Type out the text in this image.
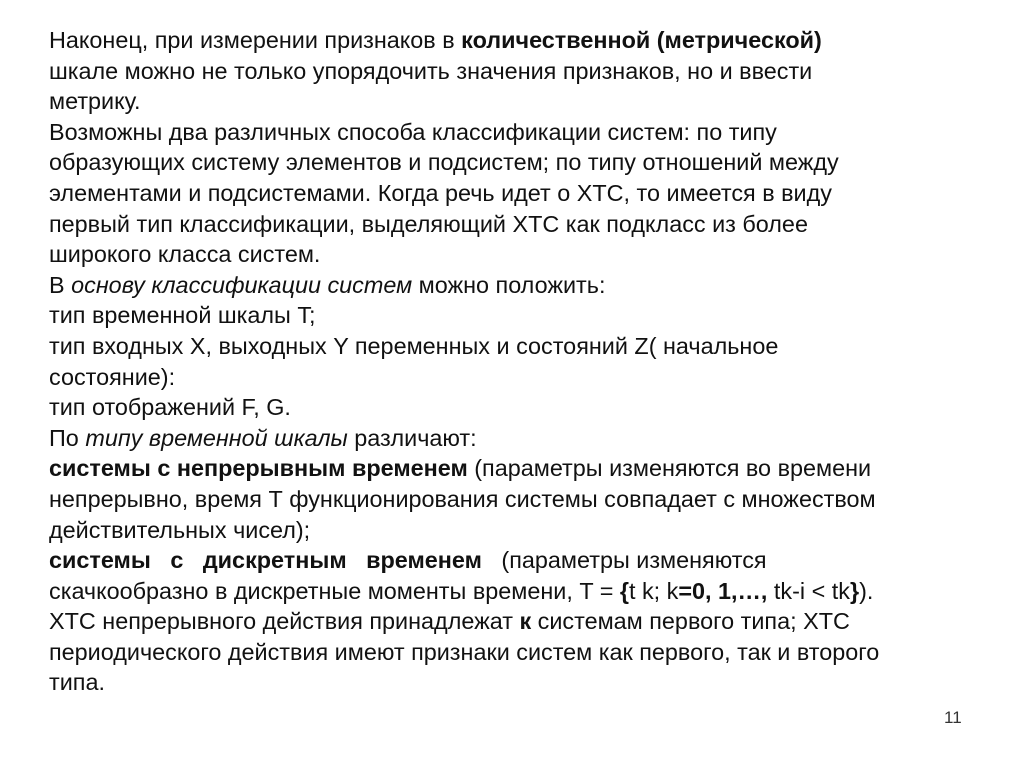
Наконец, при измерении признаков в количественной (метрической)
шкале можно не только упорядочить значения признаков, но и ввести
метрику.
Возможны два различных способа классификации систем: по типу
образующих систему элементов и подсистем; по типу отношений между
элементами и подсистемами. Когда речь идет о ХТС, то имеется в виду
первый тип классификации, выделяющий ХТС как подкласс из более
широкого класса систем.
В основу классификации систем можно положить:
тип временной шкалы T;
тип входных X, выходных Y переменных и состояний Z( начальное
состояние):
тип отображений F, G.
По типу временной шкалы различают:
системы с непрерывным временем (параметры изменяются во времени
непрерывно, время Т функционирования системы совпадает с множеством
действительных чисел);
системы   с   дискретным   временем   (параметры изменяются
скачкообразно в дискретные моменты времени, T = {t k; k=0, 1,…, tk-i < tk}).
ХТС непрерывного действия принадлежат к системам первого типа; ХТС
периодического действия имеют признаки систем как первого, так и второго
типа.
11
